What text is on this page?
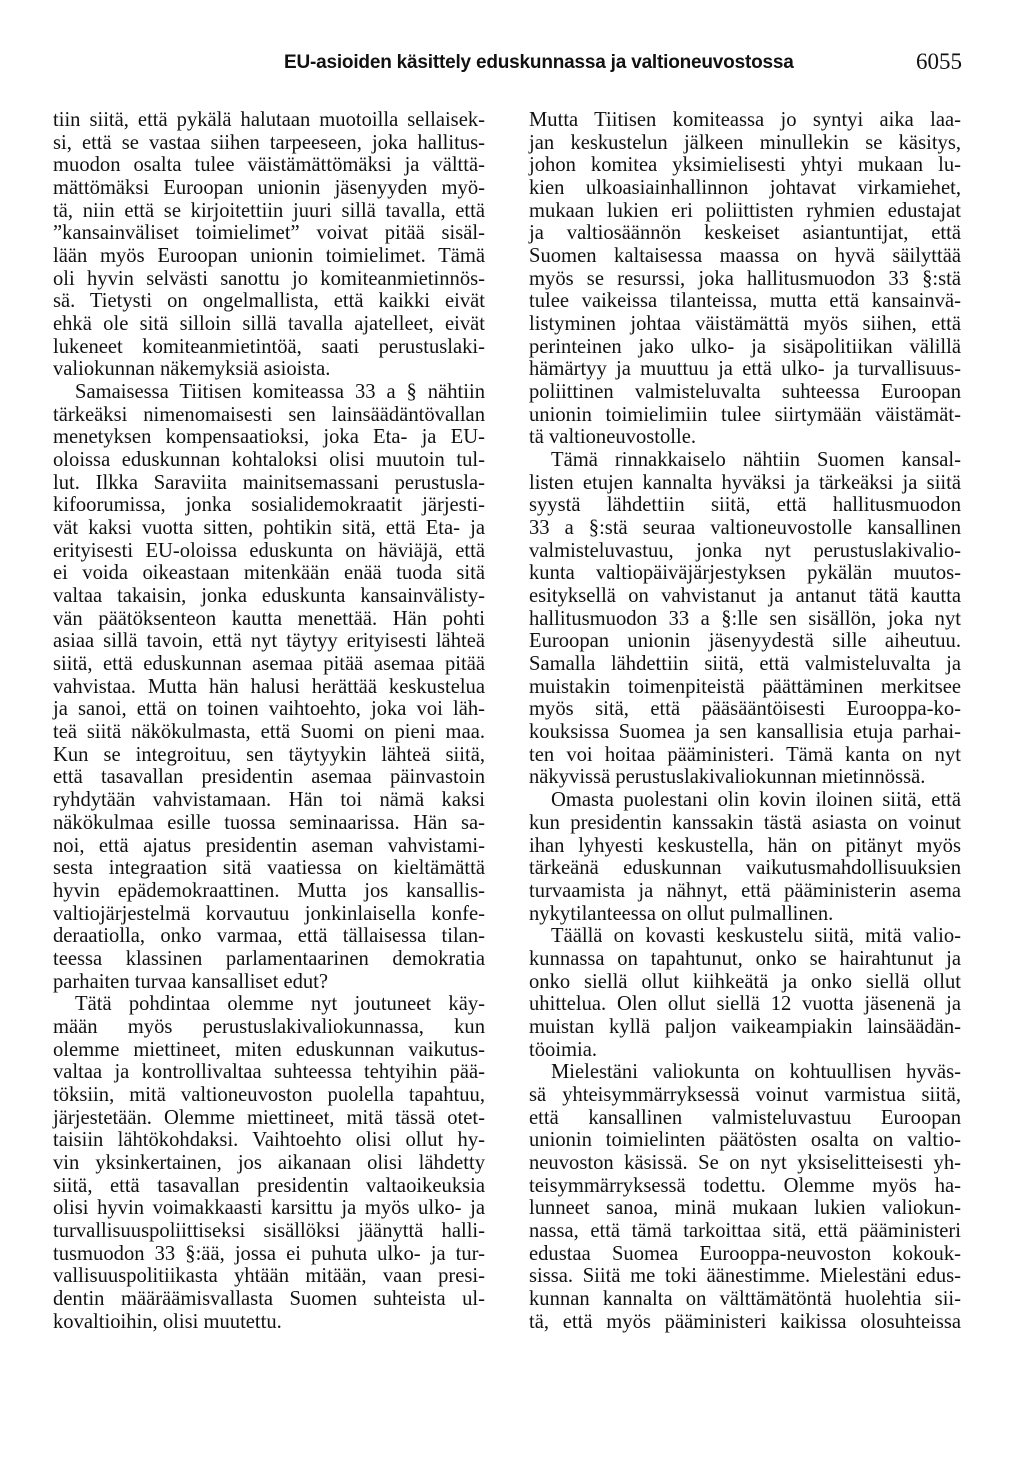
EU-asioiden käsittely eduskunnassa ja valtioneuvostossa	6055
tiin siitä, että pykälä halutaan muotoilla sellaisek-
si, että se vastaa siihen tarpeeseen, joka hallitus-
muodon osalta tulee väistämättömäksi ja välttä-
mättömäksi Euroopan unionin jäsenyyden myö-
tä, niin että se kirjoitettiin juuri sillä tavalla, että
”kansainväliset toimielimet” voivat pitää sisäl-
lään myös Euroopan unionin toimielimet. Tämä
oli hyvin selvästi sanottu jo komiteanmietinnös-
sä. Tietysti on ongelmallista, että kaikki eivät
ehkä ole sitä silloin sillä tavalla ajatelleet, eivät
lukeneet komiteanmietintöä, saati perustuslaki-
valiokunnan näkemyksiä asioista.
Samaisessa Tiitisen komiteassa 33 a § nähtiin
tärkeäksi nimenomaisesti sen lainsäädäntövallan
menetyksen kompensaatioksi, joka Eta- ja EU-
oloissa eduskunnan kohtaloksi olisi muutoin tul-
lut. Ilkka Saraviita mainitsemassani perustusla-
kifoorumissa, jonka sosialidemokraatit järjesti-
vät kaksi vuotta sitten, pohtikin sitä, että Eta- ja
erityisesti EU-oloissa eduskunta on häviäjä, että
ei voida oikeastaan mitenkään enää tuoda sitä
valtaa takaisin, jonka eduskunta kansainvälisty-
vän päätöksenteon kautta menettää. Hän pohti
asiaa sillä tavoin, että nyt täytyy erityisesti lähteä
siitä, että eduskunnan asemaa pitää asemaa pitää
vahvistaa. Mutta hän halusi herättää keskustelua
ja sanoi, että on toinen vaihtoehto, joka voi läh-
teä siitä näkökulmasta, että Suomi on pieni maa.
Kun se integroituu, sen täytyykin lähteä siitä,
että tasavallan presidentin asemaa päinvastoin
ryhdytään vahvistamaan. Hän toi nämä kaksi
näkökulmaa esille tuossa seminaarissa. Hän sa-
noi, että ajatus presidentin aseman vahvistami-
sesta integraation sitä vaatiessa on kieltämättä
hyvin epädemokraattinen. Mutta jos kansallis-
valtiojärjestelmä korvautuu jonkinlaisella konfe-
deraatiolla, onko varmaa, että tällaisessa tilan-
teessa klassinen parlamentaarinen demokratia
parhaiten turvaa kansalliset edut?
Tätä pohdintaa olemme nyt joutuneet käy-
mään myös perustuslakivaliokunnassa, kun
olemme miettineet, miten eduskunnan vaikutus-
valtaa ja kontrollivaltaa suhteessa tehtyihin pää-
töksiin, mitä valtioneuvoston puolella tapahtuu,
järjestetään. Olemme miettineet, mitä tässä otet-
taisiin lähtökohdaksi. Vaihtoehto olisi ollut hy-
vin yksinkertainen, jos aikanaan olisi lähdetty
siitä, että tasavallan presidentin valtaoikeuksia
olisi hyvin voimakkaasti karsittu ja myös ulko- ja
turvallisuuspoliittiseksi sisällöksi jäänyttä halli-
tusmuodon 33 §:ää, jossa ei puhuta ulko- ja tur-
vallisuuspolitiikasta yhtään mitään, vaan presi-
dentin määräämisvallasta Suomen suhteista ul-
kovaltioihin, olisi muutettu.
Mutta Tiitisen komiteassa jo syntyi aika laa-
jan keskustelun jälkeen minullekin se käsitys,
johon komitea yksimielisesti yhtyi mukaan lu-
kien ulkoasiainhallinnon johtavat virkamiehet,
mukaan lukien eri poliittisten ryhmien edustajat
ja valtiosäännön keskeiset asiantuntijat, että
Suomen kaltaisessa maassa on hyvä säilyttää
myös se resurssi, joka hallitusmuodon 33 §:stä
tulee vaikeissa tilanteissa, mutta että kansainvä-
listyminen johtaa väistämättä myös siihen, että
perinteinen jako ulko- ja sisäpolitiikan välillä
hämärtyy ja muuttuu ja että ulko- ja turvallisuus-
poliittinen valmisteluvalta suhteessa Euroopan
unionin toimielimiin tulee siirtymään väistämät-
tä valtioneuvostolle.
Tämä rinnakkaiselo nähtiin Suomen kansal-
listen etujen kannalta hyväksi ja tärkeäksi ja siitä
syystä lähdettiin siitä, että hallitusmuodon
33 a §:stä seuraa valtioneuvostolle kansallinen
valmisteluvastuu, jonka nyt perustuslakivalio-
kunta valtiopäiväjärjestyksen pykälän muutos-
esityksellä on vahvistanut ja antanut tätä kautta
hallitusmuodon 33 a §:lle sen sisällön, joka nyt
Euroopan unionin jäsenyydestä sille aiheutuu.
Samalla lähdettiin siitä, että valmisteluvalta ja
muistakin toimenpiteistä päättäminen merkitsee
myös sitä, että pääsääntöisesti Eurooppa-ko-
kouksissa Suomea ja sen kansallisia etuja parhai-
ten voi hoitaa pääministeri. Tämä kanta on nyt
näkyvissä perustuslakivaliokunnan mietinnössä.
Omasta puolestani olin kovin iloinen siitä, että
kun presidentin kanssakin tästä asiasta on voinut
ihan lyhyesti keskustella, hän on pitänyt myös
tärkeänä eduskunnan vaikutusmahdollisuuksien
turvaamista ja nähnyt, että pääministerin asema
nykytilanteessa on ollut pulmallinen.
Täällä on kovasti keskustelu siitä, mitä valio-
kunnassa on tapahtunut, onko se hairahtunut ja
onko siellä ollut kiihkeätä ja onko siellä ollut
uhittelua. Olen ollut siellä 12 vuotta jäsenenä ja
muistan kyllä paljon vaikeampiakin lainsäädän-
töoimia.
Mielestäni valiokunta on kohtuullisen hyväs-
sä yhteisymmärryksessä voinut varmistua siitä,
että kansallinen valmisteluvastuu Euroopan
unionin toimielinten päätösten osalta on valtio-
neuvoston käsissä. Se on nyt yksiselitteisesti yh-
teisymmärryksessä todettu. Olemme myös ha-
lunneet sanoa, minä mukaan lukien valiokun-
nassa, että tämä tarkoittaa sitä, että pääministeri
edustaa Suomea Eurooppa-neuvoston kokouk-
sissa. Siitä me toki äänestimme. Mielestäni edus-
kunnan kannalta on välttämätöntä huolehtia sii-
tä, että myös pääministeri kaikissa olosuhteissa
